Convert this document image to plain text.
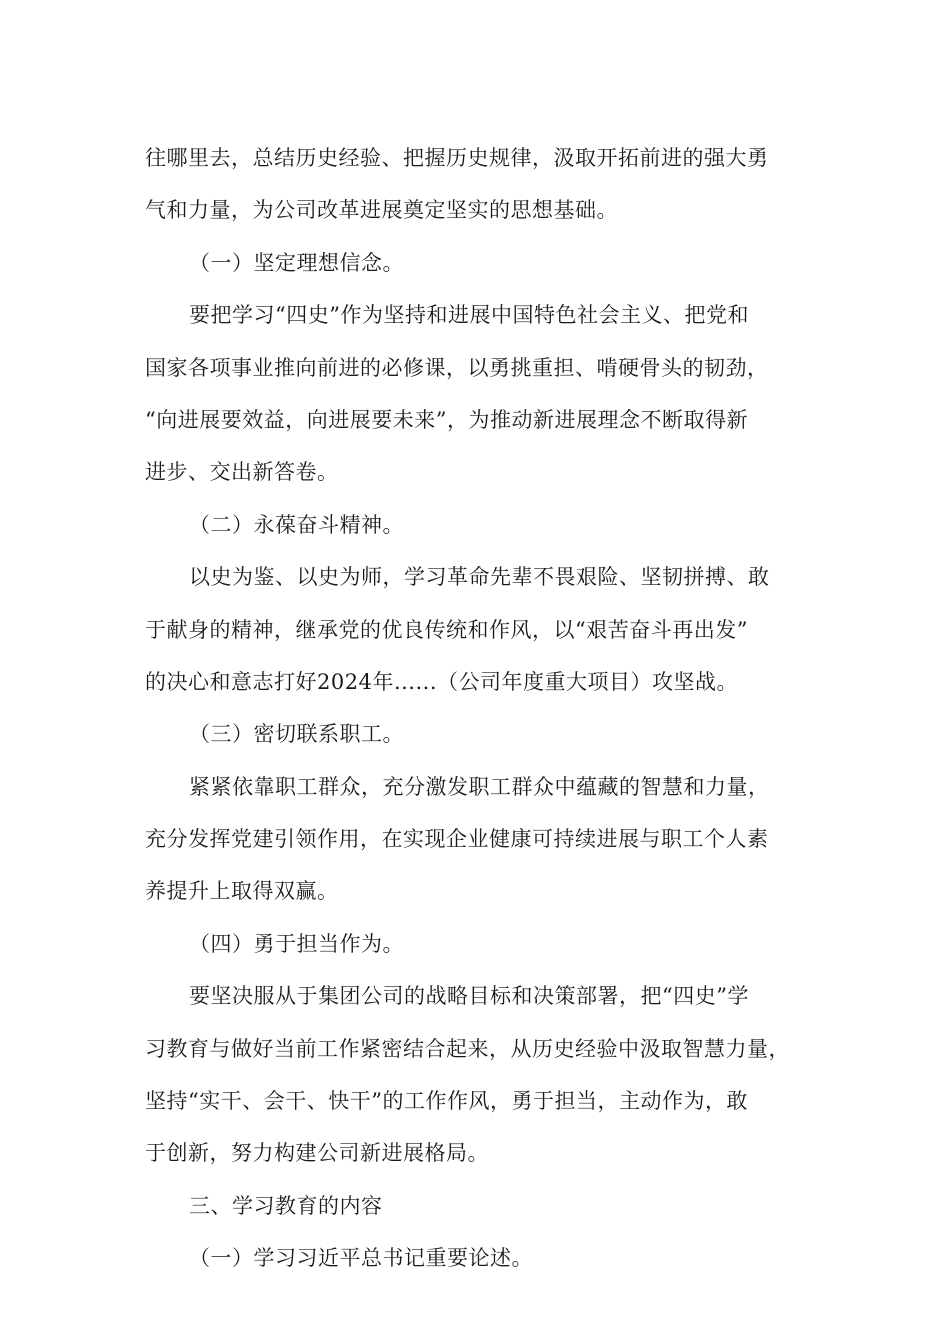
往哪里去，总结历史经验、把握历史规律，汲取开拓前进的强大勇
气和力量，为公司改革进展奠定坚实的思想基础。
（一）坚定理想信念。
要把学习“四史”作为坚持和进展中国特色社会主义、把党和
国家各项事业推向前进的必修课，以勇挑重担、啃硬骨头的韧劲，
“向进展要效益，向进展要未来”，为推动新进展理念不断取得新
进步、交出新答卷。
（二）永葆奋斗精神。
以史为鉴、以史为师，学习革命先辈不畏艰险、坚韧拼搏、敢
于献身的精神，继承党的优良传统和作风，以“艰苦奋斗再出发”
的决心和意志打好2024年......（公司年度重大项目）攻坚战。
（三）密切联系职工。
紧紧依靠职工群众，充分激发职工群众中蕴藏的智慧和力量，
充分发挥党建引领作用，在实现企业健康可持续进展与职工个人素
养提升上取得双赢。
（四）勇于担当作为。
要坚决服从于集团公司的战略目标和决策部署，把“四史”学
习教育与做好当前工作紧密结合起来，从历史经验中汲取智慧力量，
坚持“实干、会干、快干”的工作作风，勇于担当，主动作为，敢
于创新，努力构建公司新进展格局。
三、学习教育的内容
（一）学习习近平总书记重要论述。
